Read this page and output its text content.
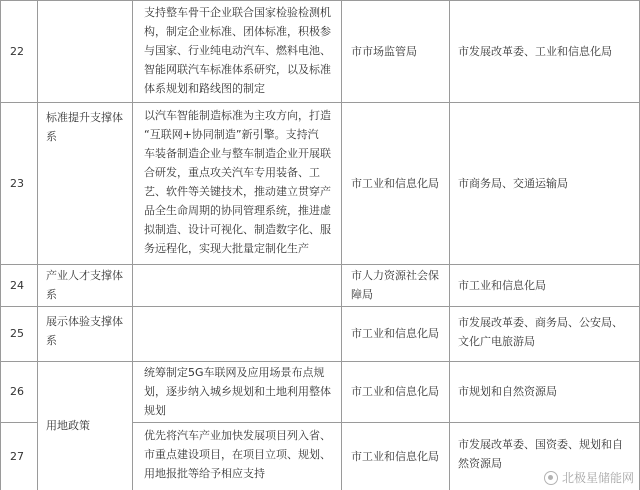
22
支持整车骨干企业联合国家检验检测机
构，制定企业标准、团体标准，积极参
与国家、行业纯电动汽车、燃料电池、
智能网联汽车标准体系研究，以及标准
体系规划和路线图的制定
市市场监管局	市发展改革委、工业和信息化局
标准提升支撑体
系
23
以汽车智能制造标准为主攻方向，打造
“互联网+协同制造”新引擎。支持汽
车装备制造企业与整车制造企业开展联
合研发，重点攻关汽车专用装备、工
艺、软件等关键技术，推动建立贯穿产
品全生命周期的协同管理系统，推进虚
拟制造、设计可视化、制造数字化、服
务远程化，实现大批量定制化生产
市工业和信息化局 市商务局、交通运输局
24
产业人才支撑体
系
市人力资源社会保
障局
市工业和信息化局
25
展示体验支撑体
系
市工业和信息化局
市发展改革委、商务局、公安局、
文化广电旅游局
26
统筹制定5G车联网及应用场景布点规
划，逐步纳入城乡规划和土地利用整体
规划
市工业和信息化局 市规划和自然资源局
用地政策
27
优先将汽车产业加快发展项目列入省、
市重点建设项目，在项目立项、规划、
用地报批等给予相应支持
市工业和信息化局
市发展改革委、国资委、规划和自
然资源局
北极星储能网
